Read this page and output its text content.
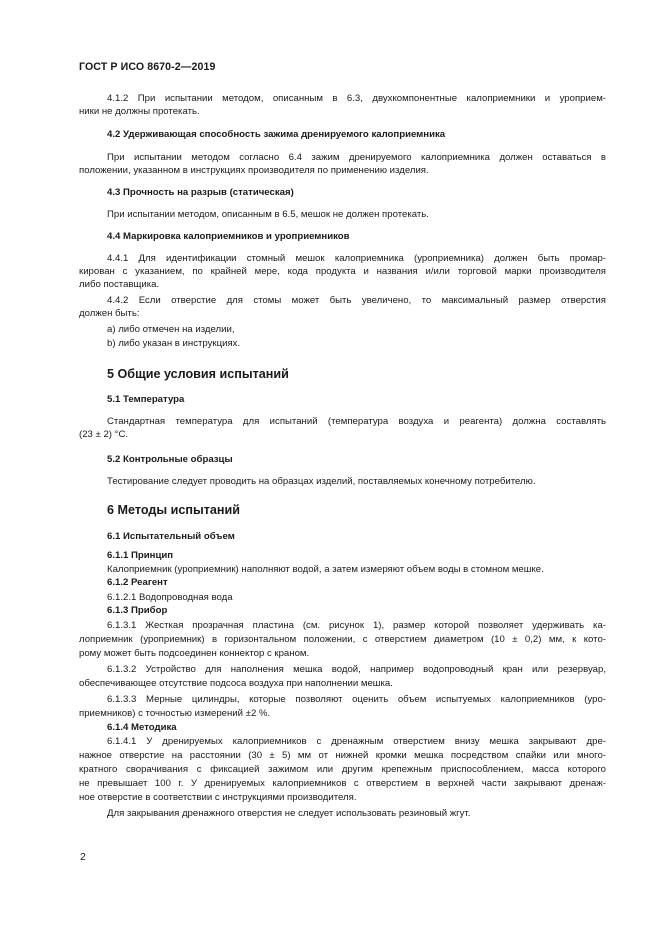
ГОСТ Р ИСО 8670-2—2019
4.1.2 При испытании методом, описанным в 6.3, двухкомпонентные калоприемники и уроприем-
ники не должны протекать.
4.2 Удерживающая способность зажима дренируемого калоприемника
При испытании методом согласно 6.4 зажим дренируемого калоприемника должен оставаться в
положении, указанном в инструкциях производителя по применению изделия.
4.3 Прочность на разрыв (статическая)
При испытании методом, описанным в 6.5, мешок не должен протекать.
4.4 Маркировка калоприемников и уроприемников
4.4.1 Для идентификации стомный мешок калоприемника (уроприемника) должен быть промар-
кирован с указанием, по крайней мере, кода продукта и названия и/или торговой марки производителя
либо поставщика.
4.4.2 Если отверстие для стомы может быть увеличено, то максимальный размер отверстия
должен быть:
a) либо отмечен на изделии,
b) либо указан в инструкциях.
5 Общие условия испытаний
5.1 Температура
Стандартная температура для испытаний (температура воздуха и реагента) должна составлять
(23 ± 2) °С.
5.2 Контрольные образцы
Тестирование следует проводить на образцах изделий, поставляемых конечному потребителю.
6 Методы испытаний
6.1 Испытательный объем
6.1.1 Принцип
Калоприемник (уроприемник) наполняют водой, а затем измеряют объем воды в стомном мешке.
6.1.2 Реагент
6.1.2.1 Водопроводная вода
6.1.3 Прибор
6.1.3.1 Жесткая прозрачная пластина (см. рисунок 1), размер которой позволяет удерживать ка-
лоприемник (уроприемник) в горизонтальном положении, с отверстием диаметром (10 ± 0,2) мм, к кото-
рому может быть подсоединен коннектор с краном.
6.1.3.2 Устройство для наполнения мешка водой, например водопроводный кран или резервуар,
обеспечивающее отсутствие подсоса воздуха при наполнении мешка.
6.1.3.3 Мерные цилиндры, которые позволяют оценить объем испытуемых калоприемников (уро-
приемников) с точностью измерений ±2 %.
6.1.4 Методика
6.1.4.1 У дренируемых калоприемников с дренажным отверстием внизу мешка закрывают дре-
нажное отверстие на расстоянии (30 ± 5) мм от нижней кромки мешка посредством спайки или много-
кратного сворачивания с фиксацией зажимом или другим крепежным приспособлением, масса которого
не превышает 100 г. У дренируемых калоприемников с отверстием в верхней части закрывают дренаж-
ное отверстие в соответствии с инструкциями производителя.
Для закрывания дренажного отверстия не следует использовать резиновый жгут.
2
